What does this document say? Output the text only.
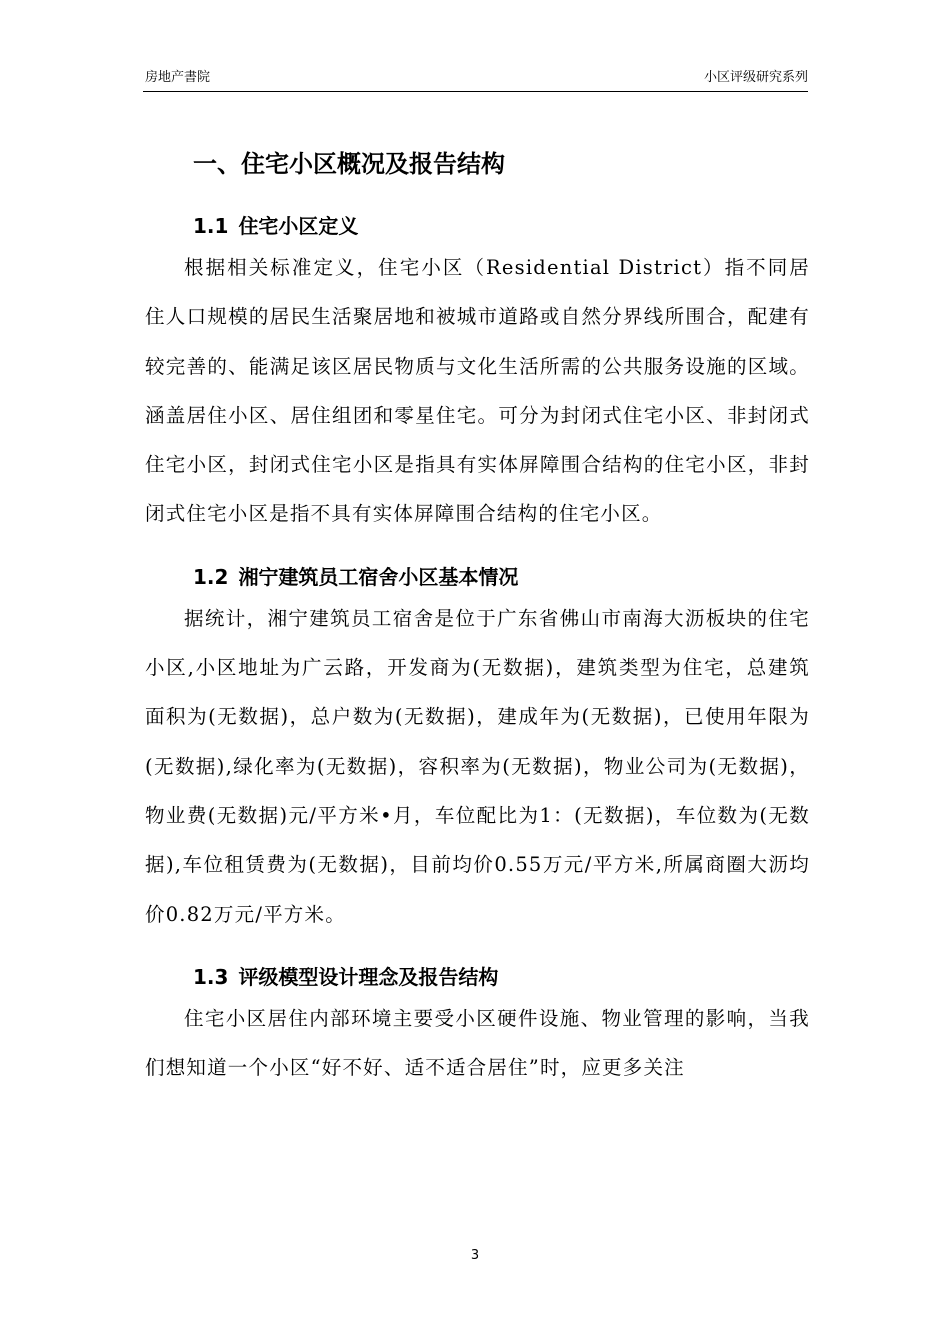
房地产書院	小区评级研究系列
一、住宅小区概况及报告结构
1.1 住宅小区定义

根据相关标准定义，住宅小区（Residential District）指不同居住人口规模的居民生活聚居地和被城市道路或自然分界线所围合，配建有较完善的、能满足该区居民物质与文化生活所需的公共服务设施的区域。涵盖居住小区、居住组团和零星住宅。可分为封闭式住宅小区、非封闭式住宅小区，封闭式住宅小区是指具有实体屏障围合结构的住宅小区，非封闭式住宅小区是指不具有实体屏障围合结构的住宅小区。

1.2 湘宁建筑员工宿舍小区基本情况

据统计，湘宁建筑员工宿舍是位于广东省佛山市南海大沥板块的住宅小区,小区地址为广云路，开发商为(无数据)，建筑类型为住宅，总建筑面积为(无数据)，总户数为(无数据)，建成年为(无数据)，已使用年限为(无数据),绿化率为(无数据)，容积率为(无数据)，物业公司为(无数据)，物业费(无数据)元/平方米•月，车位配比为1：(无数据)，车位数为(无数据),车位租赁费为(无数据)，目前均价0.55万元/平方米,所属商圈大沥均价0.82万元/平方米。

1.3 评级模型设计理念及报告结构

住宅小区居住内部环境主要受小区硬件设施、物业管理的影响，当我们想知道一个小区“好不好、适不适合居住”时，应更多关注

3
